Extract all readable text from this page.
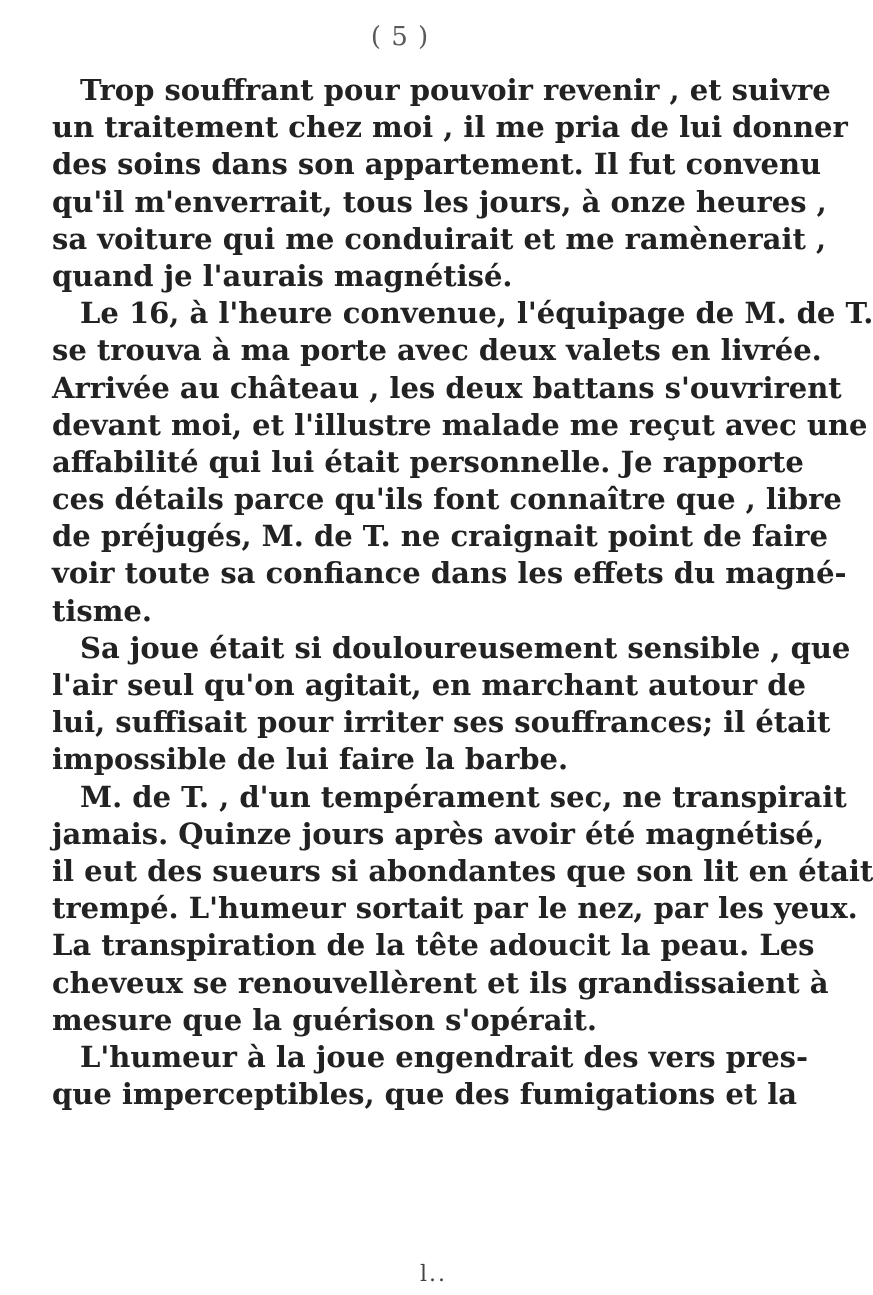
( 5 )
Trop souffrant pour pouvoir revenir , et suivre
un traitement chez moi , il me pria de lui donner
des soins dans son appartement. Il fut convenu
qu'il m'enverrait, tous les jours, à onze heures ,
sa voiture qui me conduirait et me ramènerait ,
quand je l'aurais magnétisé.
Le 16, à l'heure convenue, l'équipage de M. de T.
se trouva à ma porte avec deux valets en livrée.
Arrivée au château , les deux battans s'ouvrirent
devant moi, et l'illustre malade me reçut avec une
affabilité qui lui était personnelle. Je rapporte
ces détails parce qu'ils font connaître que , libre
de préjugés, M. de T. ne craignait point de faire
voir toute sa confiance dans les effets du magné-
tisme.
Sa joue était si douloureusement sensible , que
l'air seul qu'on agitait, en marchant autour de
lui, suffisait pour irriter ses souffrances; il était
impossible de lui faire la barbe.
M. de T. , d'un tempérament sec, ne transpirait
jamais. Quinze jours après avoir été magnétisé,
il eut des sueurs si abondantes que son lit en était
trempé. L'humeur sortait par le nez, par les yeux.
La transpiration de la tête adoucit la peau. Les
cheveux se renouvellèrent et ils grandissaient à
mesure que la guérison s'opérait.
L'humeur à la joue engendrait des vers pres-
que imperceptibles, que des fumigations et la
l..
